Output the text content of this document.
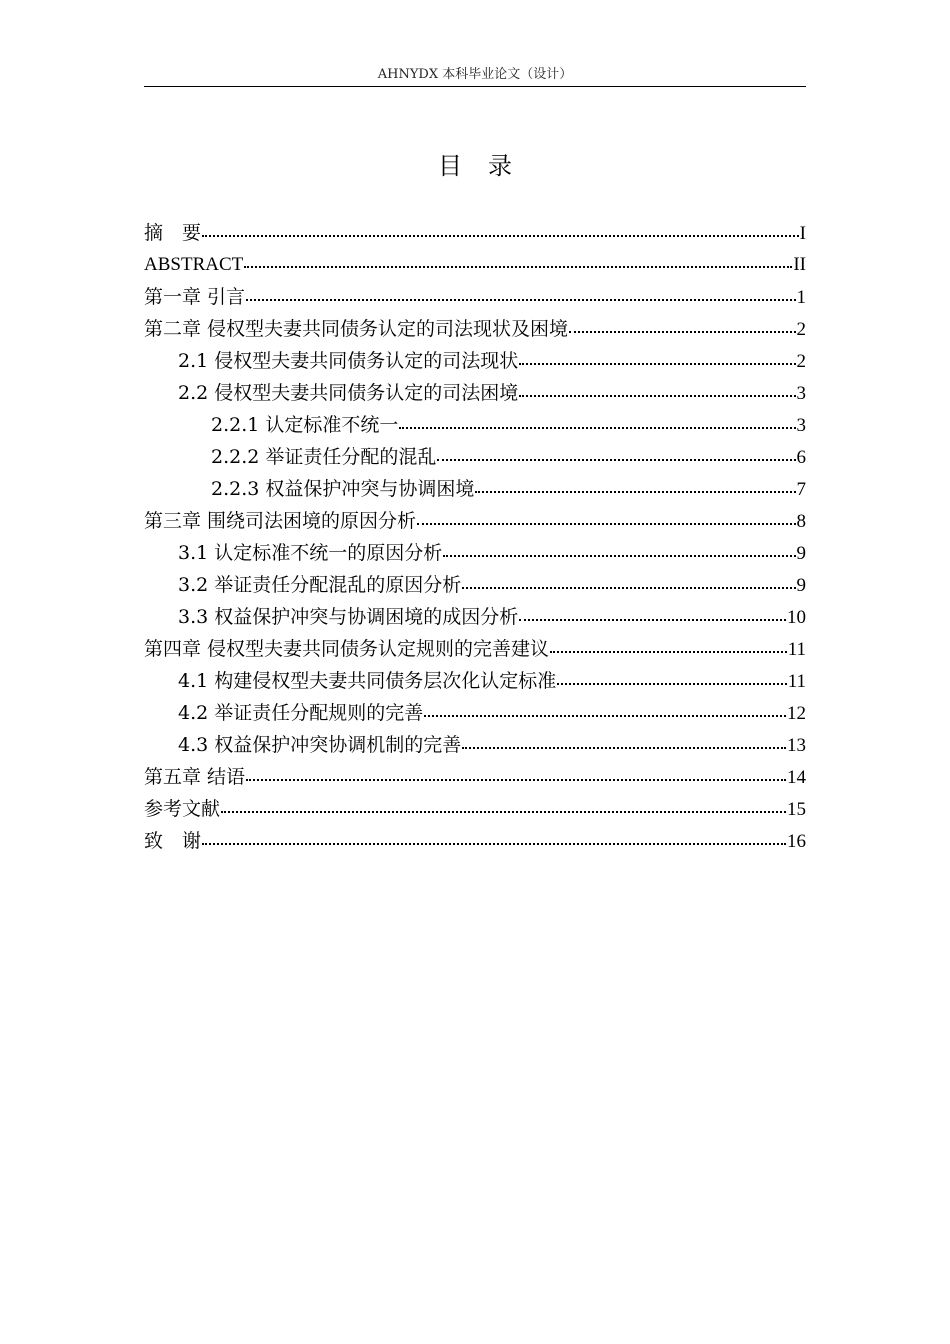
AHNYDX 本科毕业论文（设计）
目录
摘　要	I
ABSTRACT	II
第一章 引言	1
第二章 侵权型夫妻共同债务认定的司法现状及困境	2
2.1 侵权型夫妻共同债务认定的司法现状	2
2.2 侵权型夫妻共同债务认定的司法困境	3
2.2.1 认定标准不统一	3
2.2.2 举证责任分配的混乱	6
2.2.3 权益保护冲突与协调困境	7
第三章 围绕司法困境的原因分析	8
3.1 认定标准不统一的原因分析	9
3.2 举证责任分配混乱的原因分析	9
3.3 权益保护冲突与协调困境的成因分析	10
第四章 侵权型夫妻共同债务认定规则的完善建议	11
4.1 构建侵权型夫妻共同债务层次化认定标准	11
4.2 举证责任分配规则的完善	12
4.3 权益保护冲突协调机制的完善	13
第五章 结语	14
参考文献	15
致　谢	16
